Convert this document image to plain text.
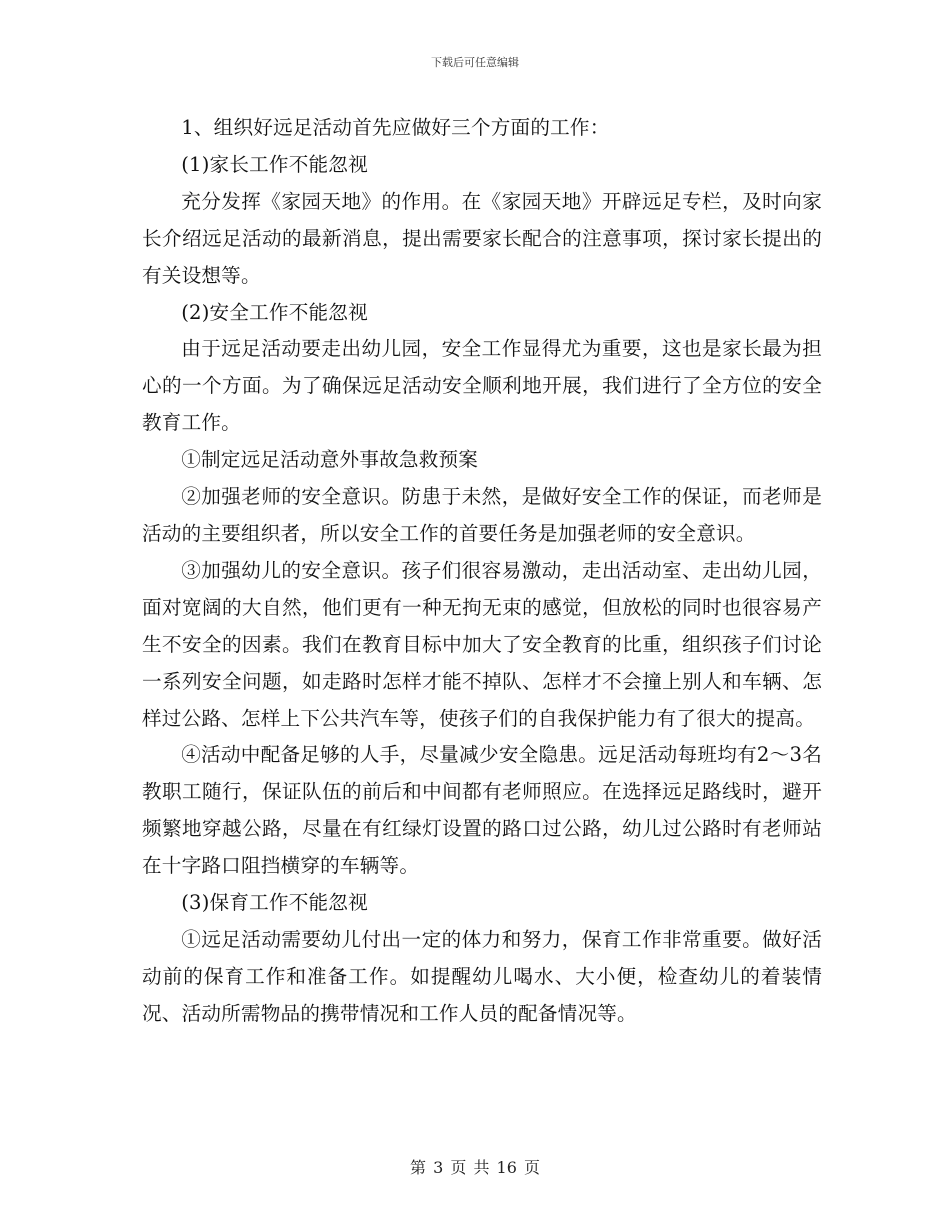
下载后可任意编辑

1、组织好远足活动首先应做好三个方面的工作：

(1)家长工作不能忽视

充分发挥《家园天地》的作用。在《家园天地》开辟远足专栏，及时向家长介绍远足活动的最新消息，提出需要家长配合的注意事项，探讨家长提出的有关设想等。

(2)安全工作不能忽视

由于远足活动要走出幼儿园，安全工作显得尤为重要，这也是家长最为担心的一个方面。为了确保远足活动安全顺利地开展，我们进行了全方位的安全教育工作。

①制定远足活动意外事故急救预案

②加强老师的安全意识。防患于未然，是做好安全工作的保证，而老师是活动的主要组织者，所以安全工作的首要任务是加强老师的安全意识。

③加强幼儿的安全意识。孩子们很容易激动，走出活动室、走出幼儿园，面对宽阔的大自然，他们更有一种无拘无束的感觉，但放松的同时也很容易产生不安全的因素。我们在教育目标中加大了安全教育的比重，组织孩子们讨论一系列安全问题，如走路时怎样才能不掉队、怎样才不会撞上别人和车辆、怎样过公路、怎样上下公共汽车等，使孩子们的自我保护能力有了很大的提高。

④活动中配备足够的人手，尽量减少安全隐患。远足活动每班均有2～3名教职工随行，保证队伍的前后和中间都有老师照应。在选择远足路线时，避开频繁地穿越公路，尽量在有红绿灯设置的路口过公路，幼儿过公路时有老师站在十字路口阻挡横穿的车辆等。

(3)保育工作不能忽视

①远足活动需要幼儿付出一定的体力和努力，保育工作非常重要。做好活动前的保育工作和准备工作。如提醒幼儿喝水、大小便，检查幼儿的着装情况、活动所需物品的携带情况和工作人员的配备情况等。

第 3 页 共 16 页
